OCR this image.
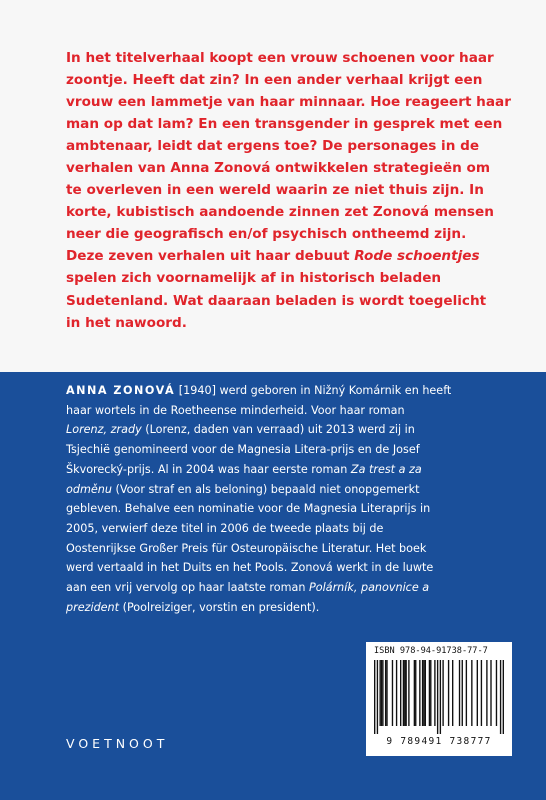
In het titelverhaal koopt een vrouw schoenen voor haar
zoontje. Heeft dat zin? In een ander verhaal krijgt een
vrouw een lammetje van haar minnaar. Hoe reageert haar
man op dat lam? En een transgender in gesprek met een
ambtenaar, leidt dat ergens toe? De personages in de
verhalen van Anna Zonová ontwikkelen strategieën om
te overleven in een wereld waarin ze niet thuis zijn. In
korte, kubistisch aandoende zinnen zet Zonová mensen
neer die geografisch en/of psychisch ontheemd zijn.
Deze zeven verhalen uit haar debuut Rode schoentjes
spelen zich voornamelijk af in historisch beladen
Sudetenland. Wat daaraan beladen is wordt toegelicht
in het nawoord.

ANNA ZONOVÁ [1940] werd geboren in Nižný Komárnik en heeft
haar wortels in de Roetheense minderheid. Voor haar roman
Lorenz, zrady (Lorenz, daden van verraad) uit 2013 werd zij in
Tsjechië genomineerd voor de Magnesia Litera-prijs en de Josef
Škvorecký-prijs. Al in 2004 was haar eerste roman Za trest a za
odměnu (Voor straf en als beloning) bepaald niet onopgemerkt
gebleven. Behalve een nominatie voor de Magnesia Literaprijs in
2005, verwierf deze titel in 2006 de tweede plaats bij de
Oostenrijkse Großer Preis für Osteuropäische Literatur. Het boek
werd vertaald in het Duits en het Pools. Zonová werkt in de luwte
aan een vrij vervolg op haar laatste roman Polárník, panovnice a
prezident (Poolreiziger, vorstin en president).

ISBN 978-94-91738-77-7
9 789491 738777
VOETNOOT
